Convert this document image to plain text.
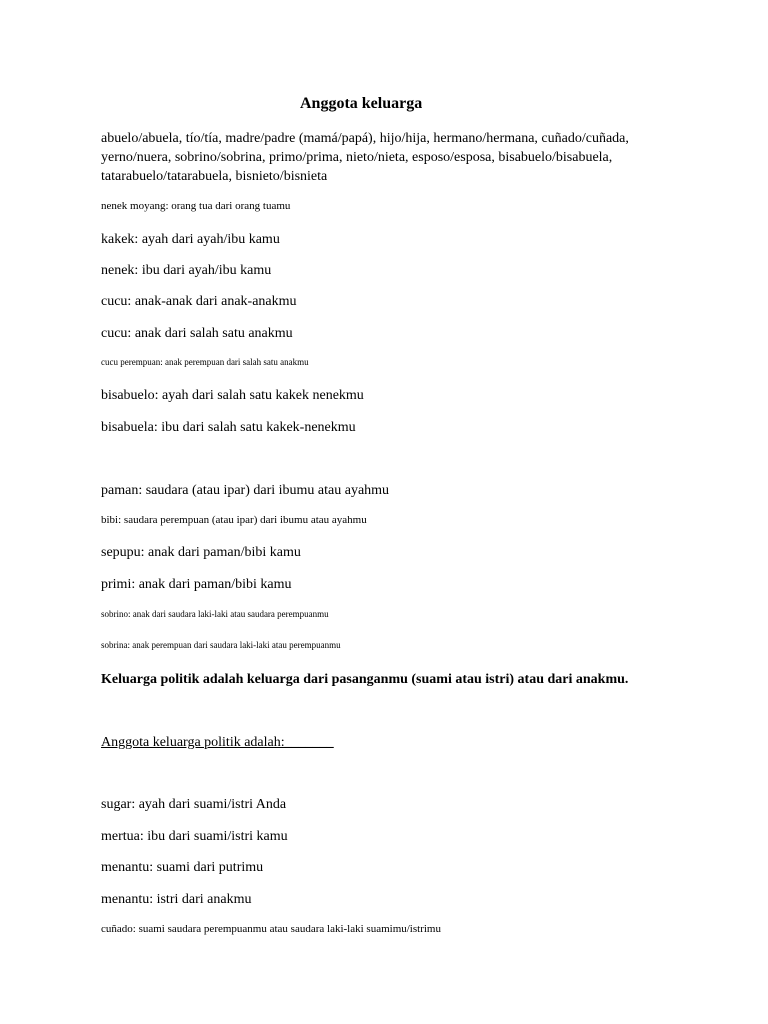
Anggota keluarga
abuelo/abuela, tío/tía, madre/padre (mamá/papá), hijo/hija, hermano/hermana, cuñado/cuñada, yerno/nuera, sobrino/sobrina, primo/prima, nieto/nieta, esposo/esposa, bisabuelo/bisabuela, tatarabuelo/tatarabuela, bisnieto/bisnieta
nenek moyang: orang tua dari orang tuamu
kakek: ayah dari ayah/ibu kamu
nenek: ibu dari ayah/ibu kamu
cucu: anak-anak dari anak-anakmu
cucu: anak dari salah satu anakmu
cucu perempuan: anak perempuan dari salah satu anakmu
bisabuelo: ayah dari salah satu kakek nenekmu
bisabuela: ibu dari salah satu kakek-nenekmu
paman: saudara (atau ipar) dari ibumu atau ayahmu
bibi: saudara perempuan (atau ipar) dari ibumu atau ayahmu
sepupu: anak dari paman/bibi kamu
primi: anak dari paman/bibi kamu
sobrino: anak dari saudara laki-laki atau saudara perempuanmu
sobrina: anak perempuan dari saudara laki-laki atau perempuanmu
Keluarga politik adalah keluarga dari pasanganmu (suami atau istri) atau dari anakmu.
Anggota keluarga politik adalah:_______
sugar: ayah dari suami/istri Anda
mertua: ibu dari suami/istri kamu
menantu: suami dari putrimu
menantu: istri dari anakmu
cuñado: suami saudara perempuanmu atau saudara laki-laki suamimu/istrimu
